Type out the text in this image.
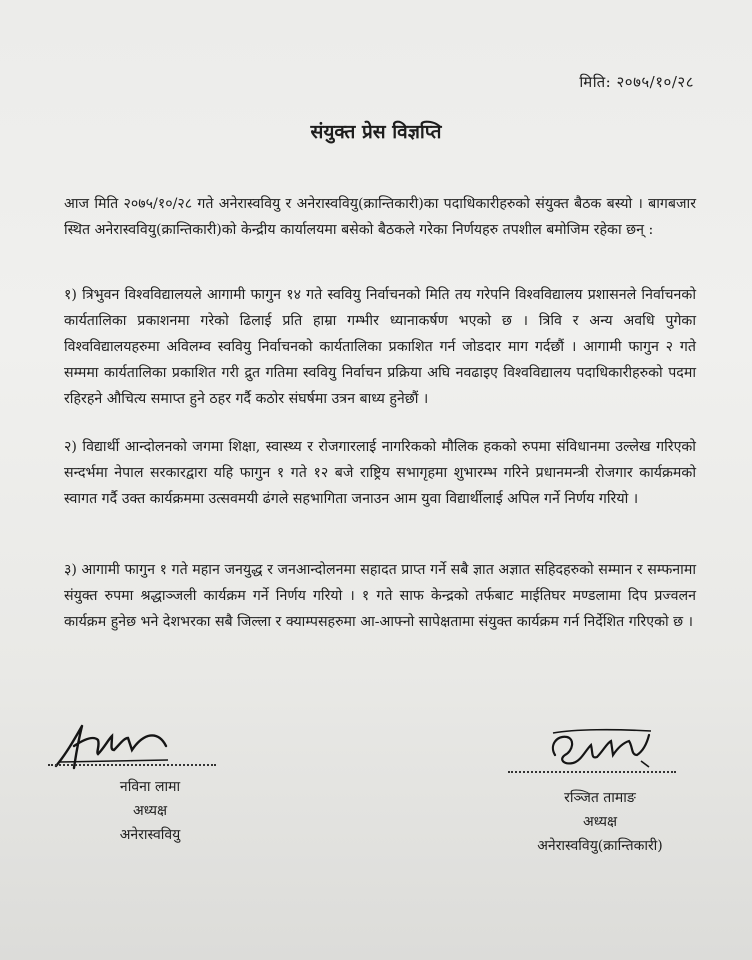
मिति: २०७५/१०/२८
संयुक्त प्रेस विज्ञप्ति

आज मिति २०७५/१०/२८ गते अनेरास्ववियु र अनेरास्ववियु(क्रान्तिकारी)का पदाधिकारीहरुको संयुक्त बैठक बस्यो । बागबजार स्थित अनेरास्ववियु(क्रान्तिकारी)को केन्द्रीय कार्यालयमा बसेको बैठकले गरेका निर्णयहरु तपशील बमोजिम रहेका छन् :

१) त्रिभुवन विश्वविद्यालयले आगामी फागुन १४ गते स्ववियु निर्वाचनको मिति तय गरेपनि विश्वविद्यालय प्रशासनले निर्वाचनको कार्यतालिका प्रकाशनमा गरेको ढिलाई प्रति हाम्रा गम्भीर ध्यानाकर्षण भएको छ । त्रिवि र अन्य अवधि पुगेका विश्वविद्यालयहरुमा अविलम्व स्ववियु निर्वाचनको कार्यतालिका प्रकाशित गर्न जोडदार माग गर्दछौं । आगामी फागुन २ गते सम्ममा कार्यतालिका प्रकाशित गरी द्रुत गतिमा स्ववियु निर्वाचन प्रक्रिया अघि नवढाइए विश्वविद्यालय पदाधिकारीहरुको पदमा रहिरहने औचित्य समाप्त हुने ठहर गर्दै कठोर संघर्षमा उत्रन बाध्य हुनेछौं ।

२) विद्यार्थी आन्दोलनको जगमा शिक्षा, स्वास्थ्य र रोजगारलाई नागरिकको मौलिक हकको रुपमा संविधानमा उल्लेख गरिएको सन्दर्भमा नेपाल सरकारद्वारा यहि फागुन १ गते १२ बजे राष्ट्रिय सभागृहमा शुभारम्भ गरिने प्रधानमन्त्री रोजगार कार्यक्रमको स्वागत गर्दै उक्त कार्यक्रममा उत्सवमयी ढंगले सहभागिता जनाउन आम युवा विद्यार्थीलाई अपिल गर्ने निर्णय गरियो ।

३) आगामी फागुन १ गते महान जनयुद्ध र जनआन्दोलनमा सहादत प्राप्त गर्ने सबै ज्ञात अज्ञात सहिदहरुको सम्मान र सम्फनामा संयुक्त रुपमा श्रद्धाञ्जली कार्यक्रम गर्ने निर्णय गरियो । १ गते साफ केन्द्रको तर्फबाट माईतिघर मण्डलामा दिप प्रज्वलन कार्यक्रम हुनेछ भने देशभरका सबै जिल्ला र क्याम्पसहरुमा आ-आफ्नो सापेक्षतामा संयुक्त कार्यक्रम गर्न निर्देशित गरिएको छ ।

नविना लामा
अध्यक्ष
अनेरास्ववियु
रञ्जित तामाङ
अध्यक्ष
अनेरास्ववियु(क्रान्तिकारी)
